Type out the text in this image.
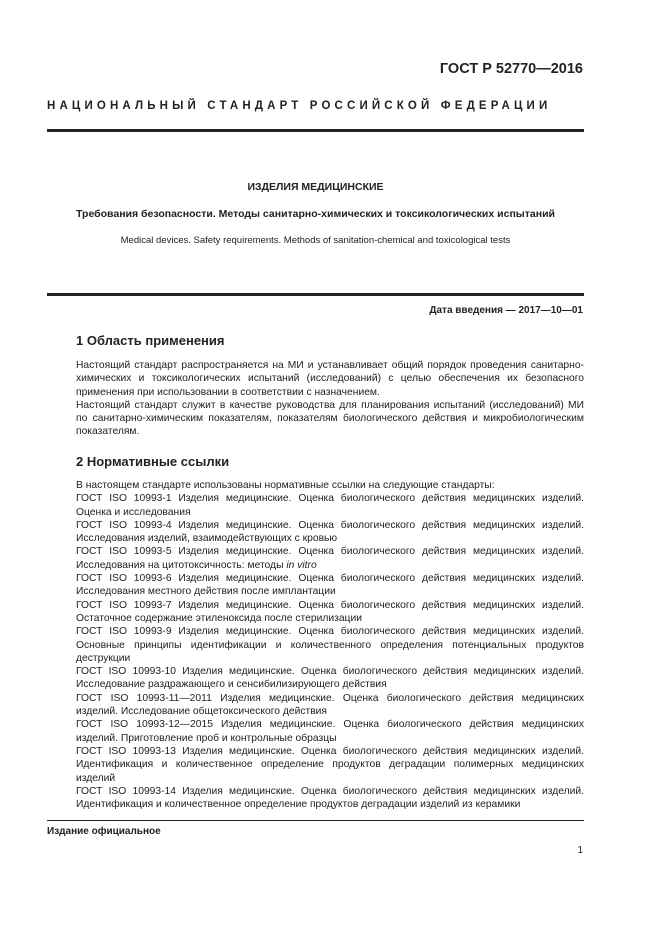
ГОСТ Р 52770—2016
НАЦИОНАЛЬНЫЙ СТАНДАРТ РОССИЙСКОЙ ФЕДЕРАЦИИ
ИЗДЕЛИЯ МЕДИЦИНСКИЕ
Требования безопасности. Методы санитарно-химических и токсикологических испытаний
Medical devices. Safety requirements. Methods of sanitation-chemical and toxicological tests
Дата введения — 2017—10—01
1 Область применения
Настоящий стандарт распространяется на МИ и устанавливает общий порядок проведения санитарно-химических и токсикологических испытаний (исследований) с целью обеспечения их безопасного применения при использовании в соответствии с назначением.
Настоящий стандарт служит в качестве руководства для планирования испытаний (исследований) МИ по санитарно-химическим показателям, показателям биологического действия и микробиологическим показателям.
2 Нормативные ссылки
В настоящем стандарте использованы нормативные ссылки на следующие стандарты:
ГОСТ ISO 10993-1 Изделия медицинские. Оценка биологического действия медицинских изделий. Оценка и исследования
ГОСТ ISO 10993-4 Изделия медицинские. Оценка биологического действия медицинских изделий. Исследования изделий, взаимодействующих с кровью
ГОСТ ISO 10993-5 Изделия медицинские. Оценка биологического действия медицинских изделий. Исследования на цитотоксичность: методы in vitro
ГОСТ ISO 10993-6 Изделия медицинские. Оценка биологического действия медицинских изделий. Исследования местного действия после имплантации
ГОСТ ISO 10993-7 Изделия медицинские. Оценка биологического действия медицинских изделий. Остаточное содержание этиленоксида после стерилизации
ГОСТ ISO 10993-9 Изделия медицинские. Оценка биологического действия медицинских изделий. Основные принципы идентификации и количественного определения потенциальных продуктов деструкции
ГОСТ ISO 10993-10 Изделия медицинские. Оценка биологического действия медицинских изделий. Исследование раздражающего и сенсибилизирующего действия
ГОСТ ISO 10993-11—2011 Изделия медицинские. Оценка биологического действия медицинских изделий. Исследование общетоксического действия
ГОСТ ISO 10993-12—2015 Изделия медицинские. Оценка биологического действия медицинских изделий. Приготовление проб и контрольные образцы
ГОСТ ISO 10993-13 Изделия медицинские. Оценка биологического действия медицинских изделий. Идентификация и количественное определение продуктов деградации полимерных медицинских изделий
ГОСТ ISO 10993-14 Изделия медицинские. Оценка биологического действия медицинских изделий. Идентификация и количественное определение продуктов деградации изделий из керамики
Издание официальное
1
